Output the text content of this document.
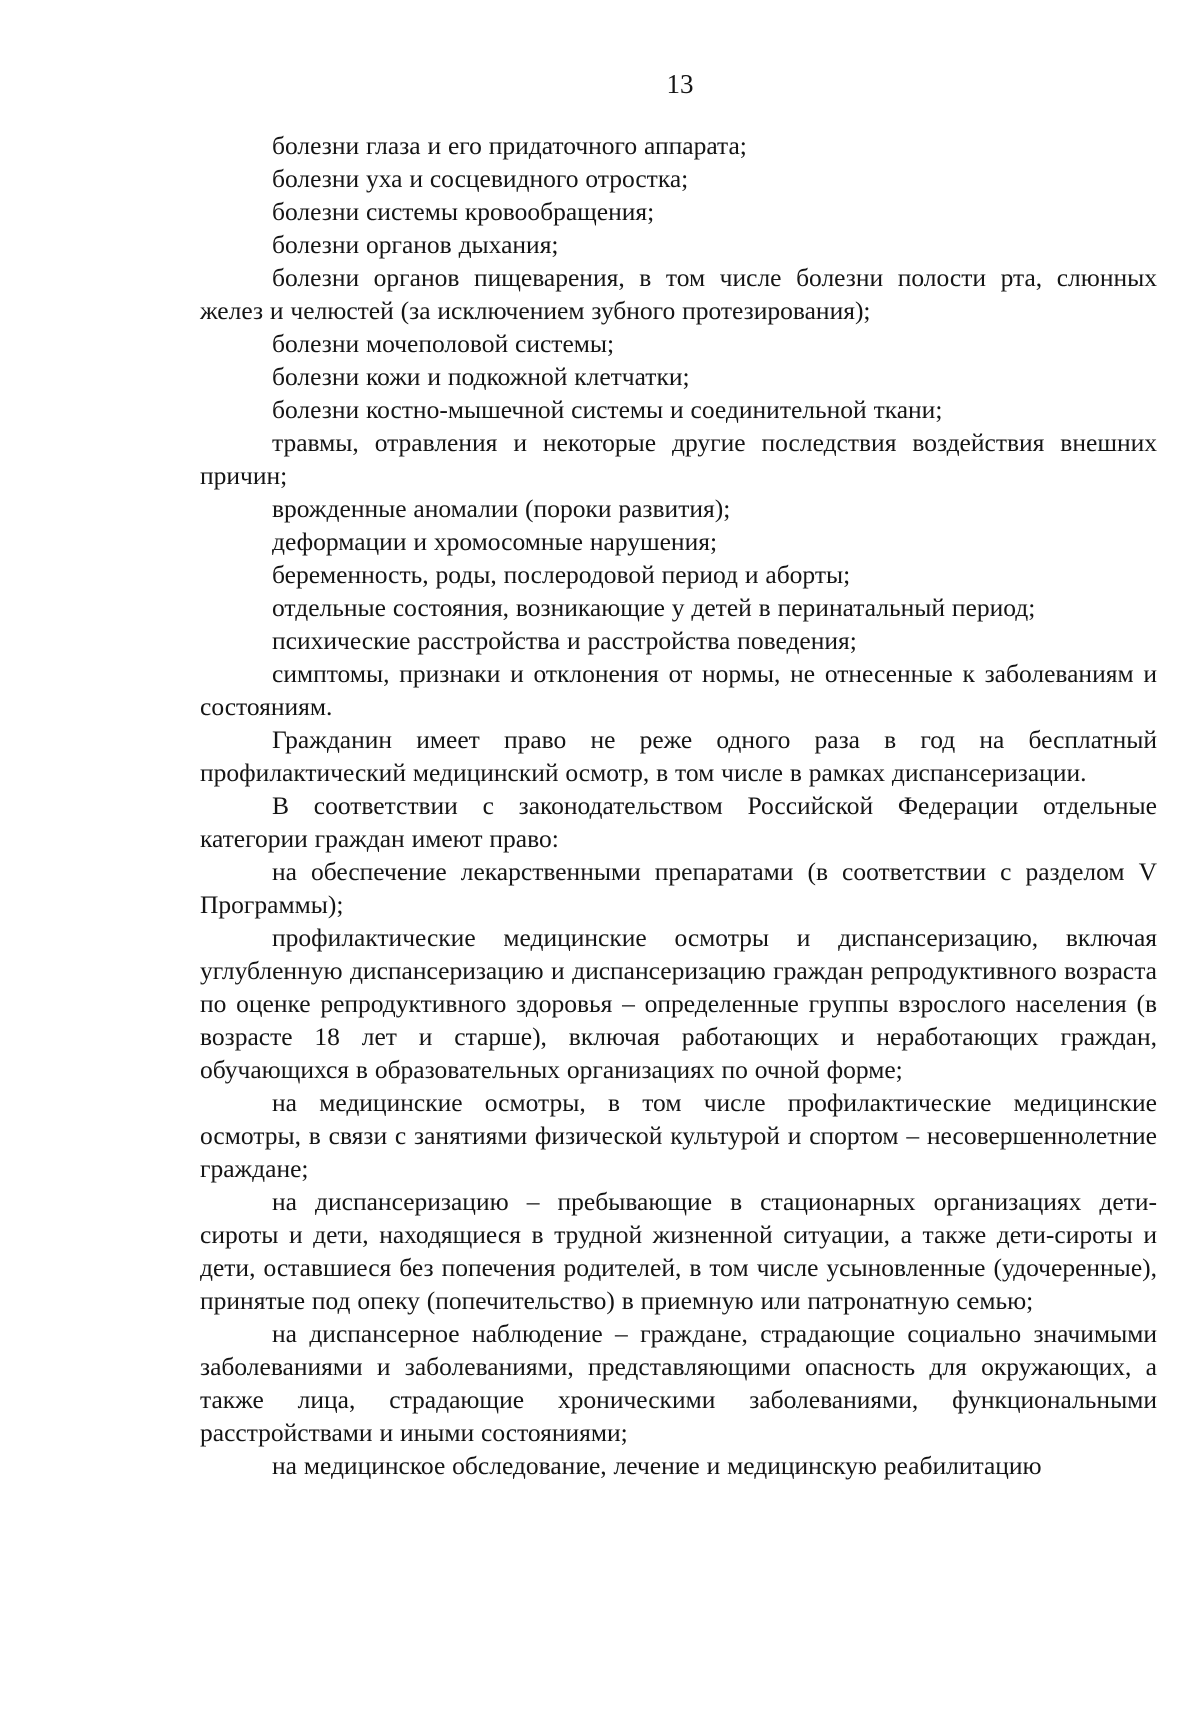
13

болезни глаза и его придаточного аппарата;

болезни уха и сосцевидного отростка;

болезни системы кровообращения;

болезни органов дыхания;

болезни органов пищеварения, в том числе болезни полости рта, слюнных желез и челюстей (за исключением зубного протезирования);

болезни мочеполовой системы;

болезни кожи и подкожной клетчатки;

болезни костно-мышечной системы и соединительной ткани;

травмы, отравления и некоторые другие последствия воздействия внешних причин;

врожденные аномалии (пороки развития);

деформации и хромосомные нарушения;

беременность, роды, послеродовой период и аборты;

отдельные состояния, возникающие у детей в перинатальный период;

психические расстройства и расстройства поведения;

симптомы, признаки и отклонения от нормы, не отнесенные к заболеваниям и состояниям.

Гражданин имеет право не реже одного раза в год на бесплатный профилактический медицинский осмотр, в том числе в рамках диспансеризации.

В соответствии с законодательством Российской Федерации отдельные категории граждан имеют право:

на обеспечение лекарственными препаратами (в соответствии с разделом V Программы);

профилактические медицинские осмотры и диспансеризацию, включая углубленную диспансеризацию и диспансеризацию граждан репродуктивного возраста по оценке репродуктивного здоровья – определенные группы взрослого населения (в возрасте 18 лет и старше), включая работающих и неработающих граждан, обучающихся в образовательных организациях по очной форме;

на медицинские осмотры, в том числе профилактические медицинские осмотры, в связи с занятиями физической культурой и спортом – несовершеннолетние граждане;

на диспансеризацию – пребывающие в стационарных организациях дети-сироты и дети, находящиеся в трудной жизненной ситуации, а также дети-сироты и дети, оставшиеся без попечения родителей, в том числе усыновленные (удочеренные), принятые под опеку (попечительство) в приемную или патронатную семью;

на диспансерное наблюдение – граждане, страдающие социально значимыми заболеваниями и заболеваниями, представляющими опасность для окружающих, а также лица, страдающие хроническими заболеваниями, функциональными расстройствами и иными состояниями;

на медицинское обследование, лечение и медицинскую реабилитацию
